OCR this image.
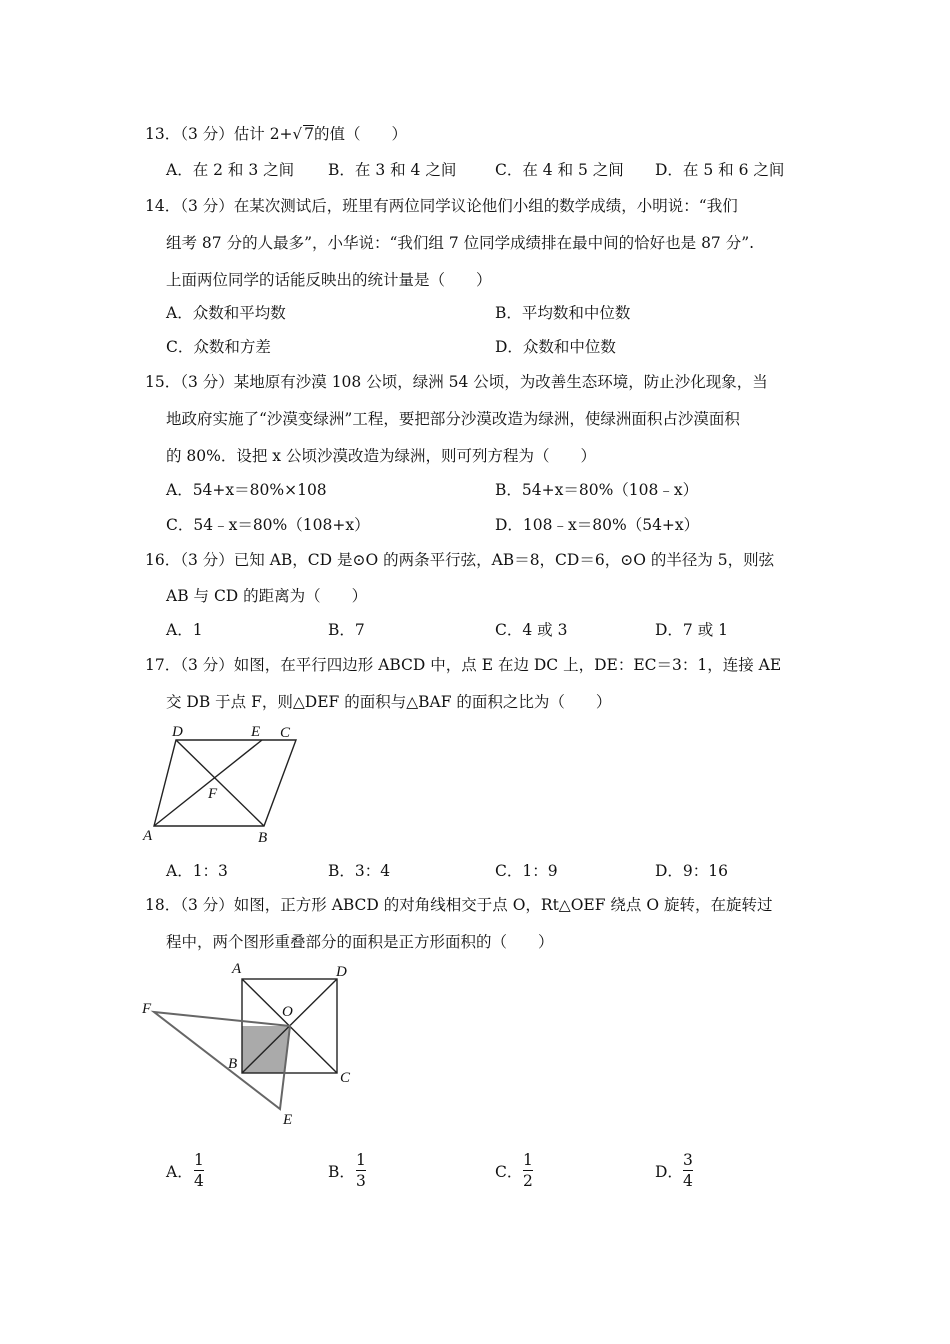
13．（3 分）估计 2+√ 7的值（　　）
A．在 2 和 3 之间 B．在 3 和 4 之间 C．在 4 和 5 之间 D．在 5 和 6 之间
14．（3 分）在某次测试后，班里有两位同学议论他们小组的数学成绩，小明说：“我们
组考 87 分的人最多”，小华说：“我们组 7 位同学成绩排在最中间的恰好也是 87 分”.
上面两位同学的话能反映出的统计量是（　　）
A．众数和平均数	B．平均数和中位数
C．众数和方差	D．众数和中位数
15．（3 分）某地原有沙漠 108 公顷，绿洲 54 公顷，为改善生态环境，防止沙化现象，当
地政府实施了“沙漠变绿洲”工程，要把部分沙漠改造为绿洲，使绿洲面积占沙漠面积
的 80%．设把 x 公顷沙漠改造为绿洲，则可列方程为（　　）
A．54+x＝80%×108	B．54+x＝80%（108﹣x）
C．54﹣x＝80%（108+x）	D．108﹣x＝80%（54+x）
16．（3 分）已知 AB，CD 是⊙O 的两条平行弦，AB＝8，CD＝6，⊙O 的半径为 5，则弦
AB 与 CD 的距离为（　　）
A．1	B．7	C．4 或 3	D．7 或 1
17．（3 分）如图，在平行四边形 ABCD 中，点 E 在边 DC 上，DE：EC＝3：1，连接 AE
交 DB 于点 F，则△DEF 的面积与△BAF 的面积之比为（　　）
D	E C
F
A	B
A．1：3	B．3：4	C．1：9	D．9：16
18．（3 分）如图，正方形 ABCD 的对角线相交于点 O，Rt△OEF 绕点 O 旋转，在旋转过
程中，两个图形重叠部分的面积是正方形面积的（　　）
A	D
F	O
B
C
E
A．
1
4	B．
1
3	C．
1
2	D．
3
4
